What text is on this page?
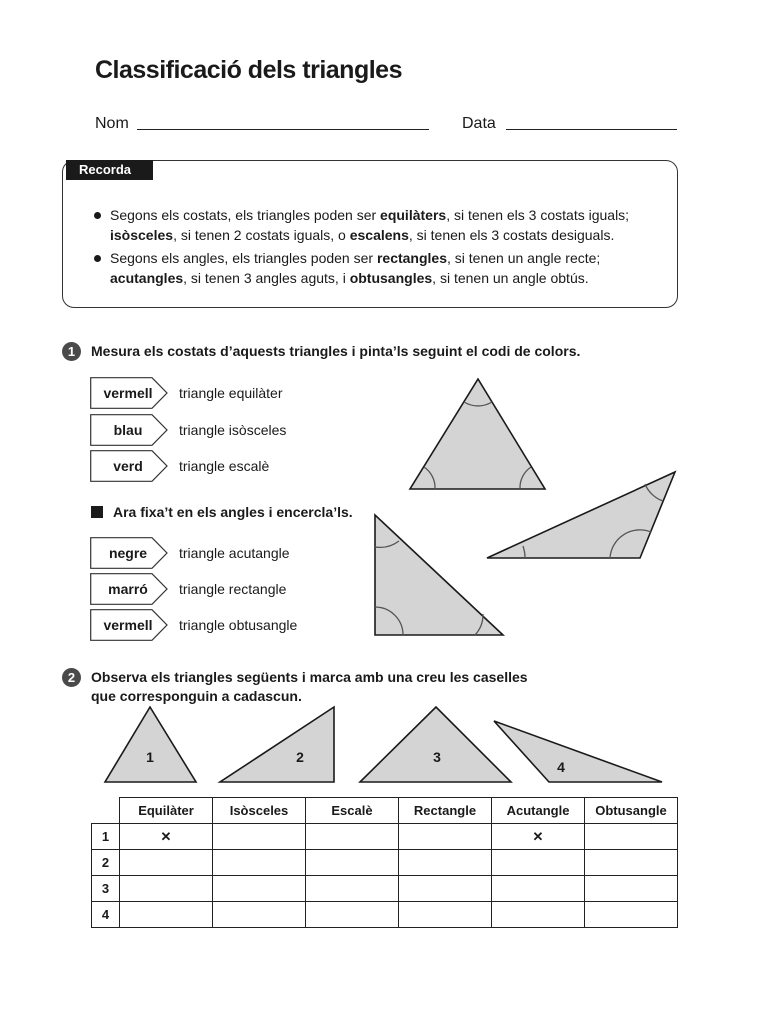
Classificació dels triangles
Nom	Data
Recorda
Segons els costats, els triangles poden ser equilàters, si tenen els 3 costats iguals;
isòsceles, si tenen 2 costats iguals, o escalens, si tenen els 3 costats desiguals.
Segons els angles, els triangles poden ser rectangles, si tenen un angle recte;
acutangles, si tenen 3 angles aguts, i obtusangles, si tenen un angle obtús.
1	Mesura els costats d’aquests triangles i pinta’ls seguint el codi de colors.
vermell	triangle equilàter
blau	triangle isòsceles
verd	triangle escalè
Ara fixa’t en els angles i encercla’ls.
negre	triangle acutangle
marró	triangle rectangle
vermell	triangle obtusangle
2	Observa els triangles següents i marca amb una creu les caselles
que corresponguin a cadascun.
1	2	3
4
	Equilàter	Isòsceles	Escalè	Rectangle	Acutangle	Obtusangle
1	✕				✕	
2						
3						
4						
